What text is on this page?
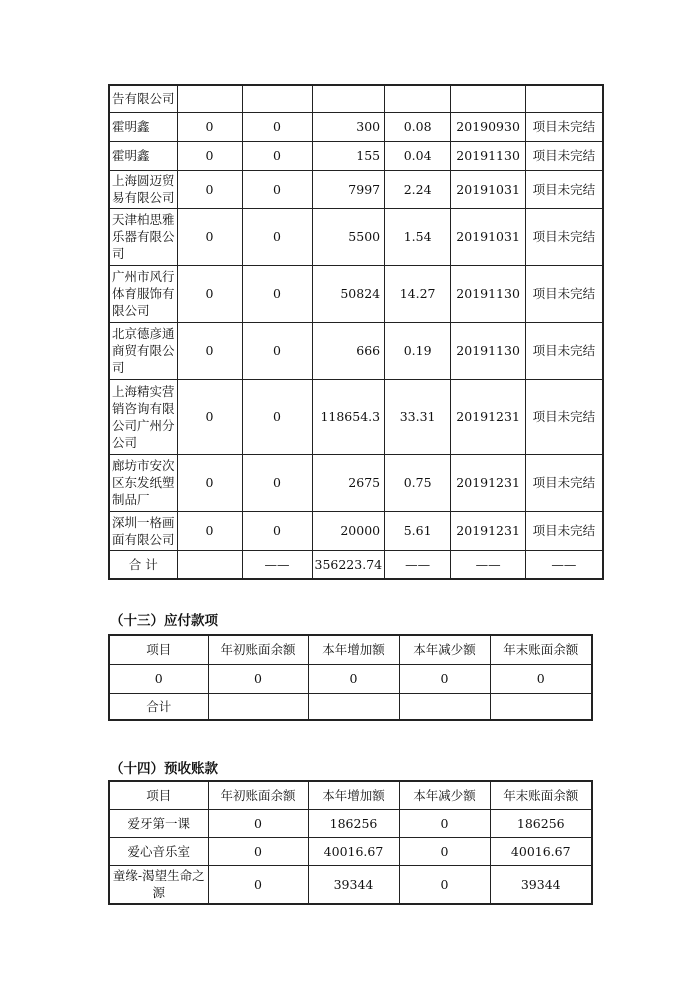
告有限公司						
霍明鑫	0	0	300	0.08	20190930	项目未完结
霍明鑫	0	0	155	0.04	20191130	项目未完结
上海圆迈贸易有限公司	0	0	7997	2.24	20191031	项目未完结
天津柏思雅乐器有限公司	0	0	5500	1.54	20191031	项目未完结
广州市风行体育服饰有限公司	0	0	50824	14.27	20191130	项目未完结
北京德彦通商贸有限公司	0	0	666	0.19	20191130	项目未完结
上海精实营销咨询有限公司广州分公司	0	0	118654.3	33.31	20191231	项目未完结
廊坊市安次区东发纸塑制品厂	0	0	2675	0.75	20191231	项目未完结
深圳一格画面有限公司	0	0	20000	5.61	20191231	项目未完结
合 计		——	356223.74	——	——	——
（十三）应付款项
项目	年初账面余额	本年增加额	本年减少额	年末账面余额
0	0	0	0	0
合计				
（十四）预收账款
项目	年初账面余额	本年增加额	本年减少额	年末账面余额
爱牙第一课	0	186256	0	186256
爱心音乐室	0	40016.67	0	40016.67
童缘-渴望生命之源	0	39344	0	39344
